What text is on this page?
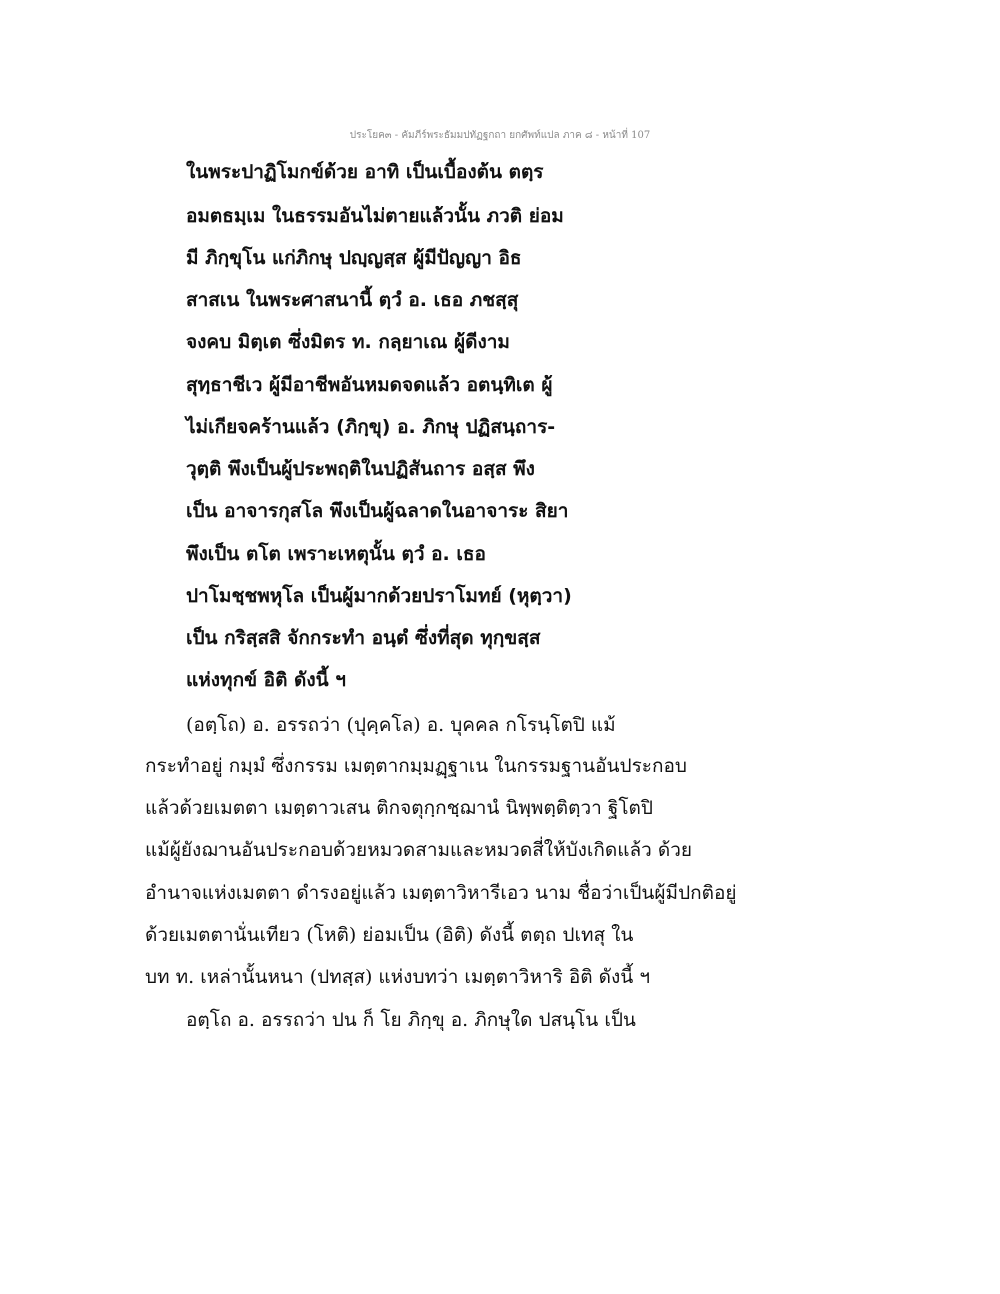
ประโยค๓ - คัมภีร์พระธัมมปทัฏฐกถา ยกศัพท์แปล ภาค ๘ - หน้าที่ 107
ในพระปาฏิโมกข์ด้วย อาทิ เป็นเบื้องต้น ตตฺร
อมตธมฺเม ในธรรมอันไม่ตายแล้วนั้น ภวติ ย่อม
มี ภิกฺขุโน แก่ภิกษุ ปญฺญสฺส ผู้มีปัญญา อิธ
สาสเน ในพระศาสนานี้ ตฺวํ อ. เธอ ภชสฺสุ
จงคบ มิตฺเต ซึ่งมิตร ท. กลฺยาเณ ผู้ดีงาม
สุทฺธาชีเว ผู้มีอาชีพอันหมดจดแล้ว อตนฺทิเต ผู้
ไม่เกียจคร้านแล้ว (ภิกฺขุ) อ. ภิกษุ ปฏิสนฺถาร-
วุตฺติ พึงเป็นผู้ประพฤติในปฏิสันถาร อสฺส พึง
เป็น อาจารกุสโล พึงเป็นผู้ฉลาดในอาจาระ สิยา
พึงเป็น ตโต เพราะเหตุนั้น ตฺวํ อ. เธอ
ปาโมชฺชพหุโล เป็นผู้มากด้วยปราโมทย์ (หุตฺวา)
เป็น กริสฺสสิ จักกระทำ อนฺตํ ซึ่งที่สุด ทุกฺขสฺส
แห่งทุกข์ อิติ ดังนี้ ฯ
(อตฺโถ) อ. อรรถว่า (ปุคฺคโล) อ. บุคคล กโรนฺโตปิ แม้
กระทำอยู่ กมฺมํ ซึ่งกรรม เมตฺตากมฺมฏฺฐาเน ในกรรมฐานอันประกอบ
แล้วด้วยเมตตา เมตฺตาวเสน ติกจตุกฺกชฺฌานํ นิพฺพตฺติตฺวา ฐิโตปิ
แม้ผู้ยังฌานอันประกอบด้วยหมวดสามและหมวดสี่ให้บังเกิดแล้ว ด้วย
อำนาจแห่งเมตตา ดำรงอยู่แล้ว เมตฺตาวิหารีเอว นาม ชื่อว่าเป็นผู้มีปกติอยู่
ด้วยเมตตานั่นเทียว (โหติ) ย่อมเป็น (อิติ) ดังนี้ ตตฺถ ปเทสุ ใน
บท ท. เหล่านั้นหนา (ปทสฺส) แห่งบทว่า เมตฺตาวิหาริ อิติ ดังนี้ ฯ
อตฺโถ อ. อรรถว่า ปน ก็ โย ภิกฺขุ อ. ภิกษุใด ปสนฺโน เป็น
